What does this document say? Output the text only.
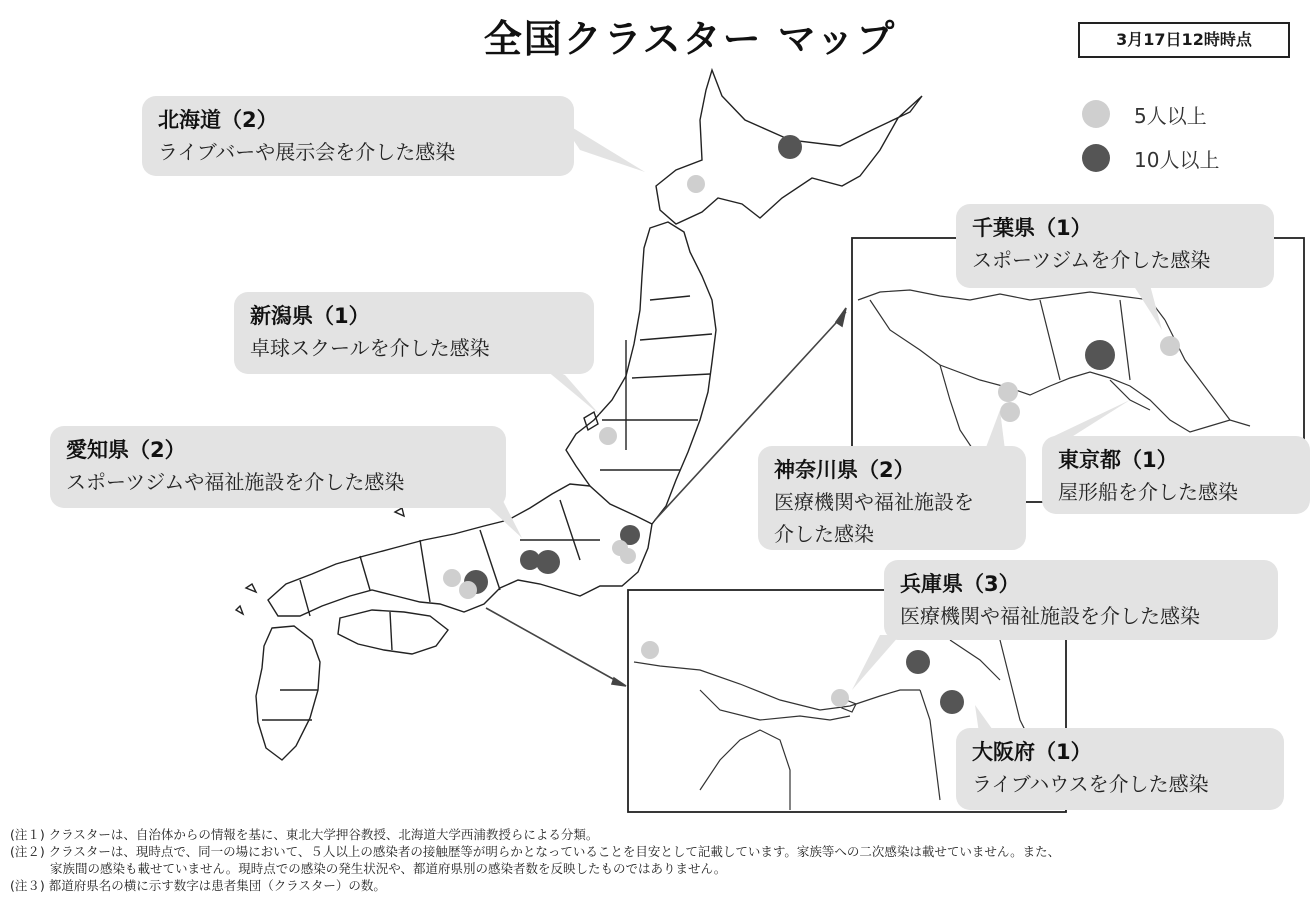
全国クラスター マップ	3月17日12時時点
5人以上
10人以上
北海道（2）
ライブバーや展示会を介した感染
新潟県（1）
卓球スクールを介した感染
愛知県（2）
スポーツジムや福祉施設を介した感染
千葉県（1）
スポーツジムを介した感染
神奈川県（2）
医療機関や福祉施設を
介した感染
東京都（1）
屋形船を介した感染
兵庫県（3）
医療機関や福祉施設を介した感染
大阪府（1）
ライブハウスを介した感染
(注１) クラスターは、自治体からの情報を基に、東北大学押谷教授、北海道大学西浦教授らによる分類。
(注２) クラスターは、現時点で、同一の場において、５人以上の感染者の接触歴等が明らかとなっていることを目安として記載しています。家族等への二次感染は載せていません。また、
家族間の感染も載せていません。現時点での感染の発生状況や、都道府県別の感染者数を反映したものではありません。
(注３) 都道府県名の横に示す数字は患者集団（クラスター）の数。
